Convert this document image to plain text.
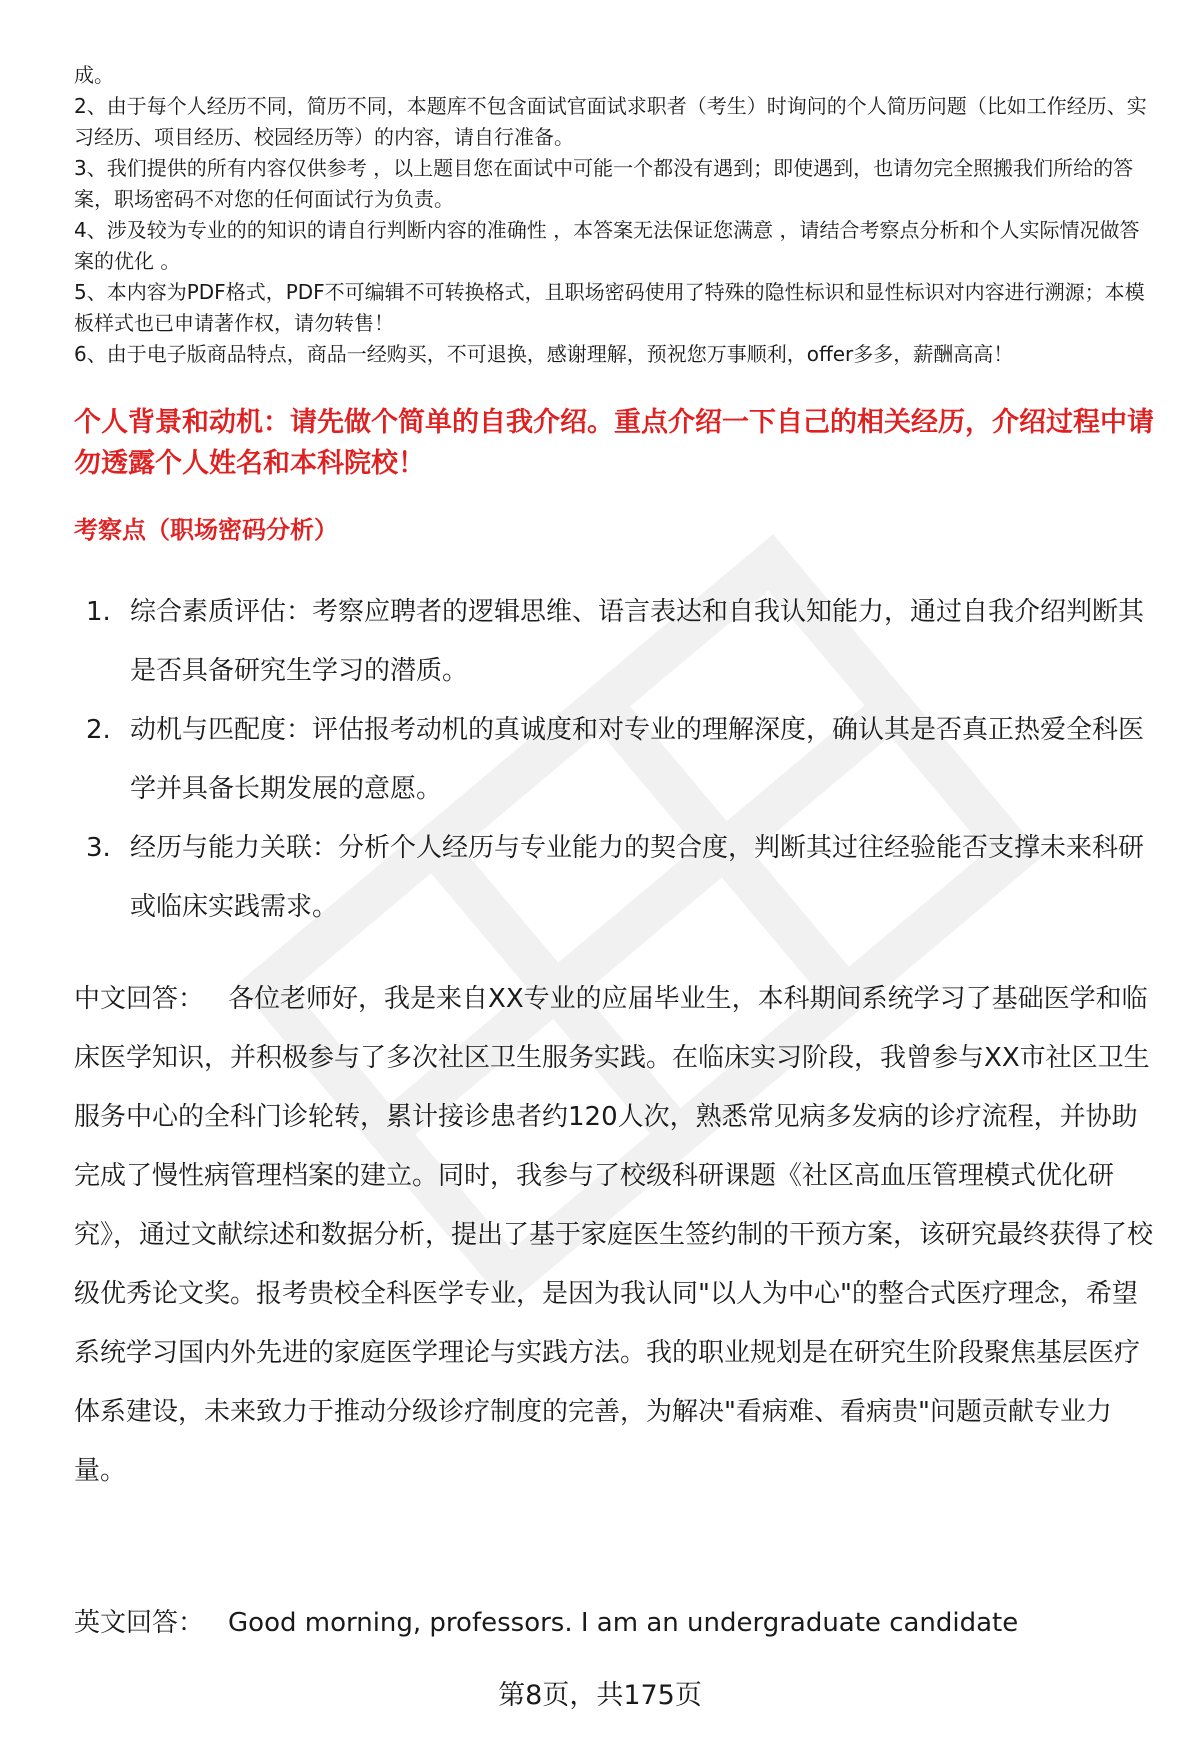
成。

2、由于每个人经历不同，简历不同，本题库不包含面试官面试求职者（考生）时询问的个人简历问题（比如工作经历、实习经历、项目经历、校园经历等）的内容，请自行准备。

3、我们提供的所有内容仅供参考 ，以上题目您在面试中可能一个都没有遇到；即使遇到，也请勿完全照搬我们所给的答案，职场密码不对您的任何面试行为负责。

4、涉及较为专业的的知识的请自行判断内容的准确性 ，本答案无法保证您满意 ，请结合考察点分析和个人实际情况做答案的优化 。

5、本内容为PDF格式，PDF不可编辑不可转换格式，且职场密码使用了特殊的隐性标识和显性标识对内容进行溯源；本模板样式也已申请著作权，请勿转售！

6、由于电子版商品特点，商品一经购买，不可退换，感谢理解，预祝您万事顺利，offer多多，薪酬高高！

个人背景和动机：请先做个简单的自我介绍。重点介绍一下自己的相关经历，介绍过程中请勿透露个人姓名和本科院校！
考察点（职场密码分析）
1. 综合素质评估：考察应聘者的逻辑思维、语言表达和自我认知能力，通过自我介绍判断其是否具备研究生学习的潜质。
2. 动机与匹配度：评估报考动机的真诚度和对专业的理解深度，确认其是否真正热爱全科医学并具备长期发展的意愿。
3. 经历与能力关联：分析个人经历与专业能力的契合度，判断其过往经验能否支撑未来科研或临床实践需求。

中文回答： 各位老师好，我是来自XX专业的应届毕业生，本科期间系统学习了基础医学和临床医学知识，并积极参与了多次社区卫生服务实践。在临床实习阶段，我曾参与XX市社区卫生服务中心的全科门诊轮转，累计接诊患者约120人次，熟悉常见病多发病的诊疗流程，并协助完成了慢性病管理档案的建立。同时，我参与了校级科研课题《社区高血压管理模式优化研究》，通过文献综述和数据分析，提出了基于家庭医生签约制的干预方案，该研究最终获得了校级优秀论文奖。报考贵校全科医学专业，是因为我认同"以人为中心"的整合式医疗理念，希望系统学习国内外先进的家庭医学理论与实践方法。我的职业规划是在研究生阶段聚焦基层医疗体系建设，未来致力于推动分级诊疗制度的完善，为解决"看病难、看病贵"问题贡献专业力量。

英文回答： Good morning, professors. I am an undergraduate candidate

第8页，共175页
